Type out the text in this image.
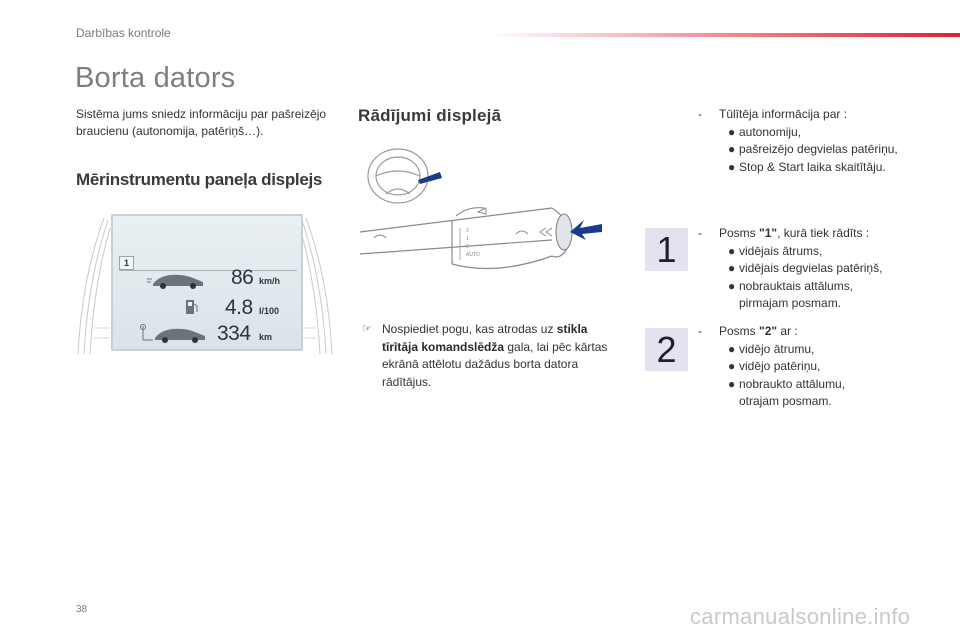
Darbības kontrole
Borta dators
Sistēma jums sniedz informāciju par pašreizējo braucienu (autonomija, patēriņš…).
Mērinstrumentu paneļa displejs
Rādījumi displejā
1
86 km/h
4.8 l/100
334 km
AUTO
0
1
2
☞ Nospiediet pogu, kas atrodas uz stikla tīrītāja komandslēdža gala, lai pēc kārtas ekrānā attēlotu dažādus borta datora rādītājus.
- Tūlītēja informācija par :
● autonomiju,
● pašreizējo degvielas patēriņu,
● Stop & Start laika skaitītāju.
1	- Posms "1", kurā tiek rādīts :
● vidējais ātrums,
● vidējais degvielas patēriņš,
● nobrauktais attālums,
pirmajam posmam.
2	- Posms "2" ar :
● vidējo ātrumu,
● vidējo patēriņu,
● nobraukto attālumu,
otrajam posmam.
38	carmanualsonline.info
